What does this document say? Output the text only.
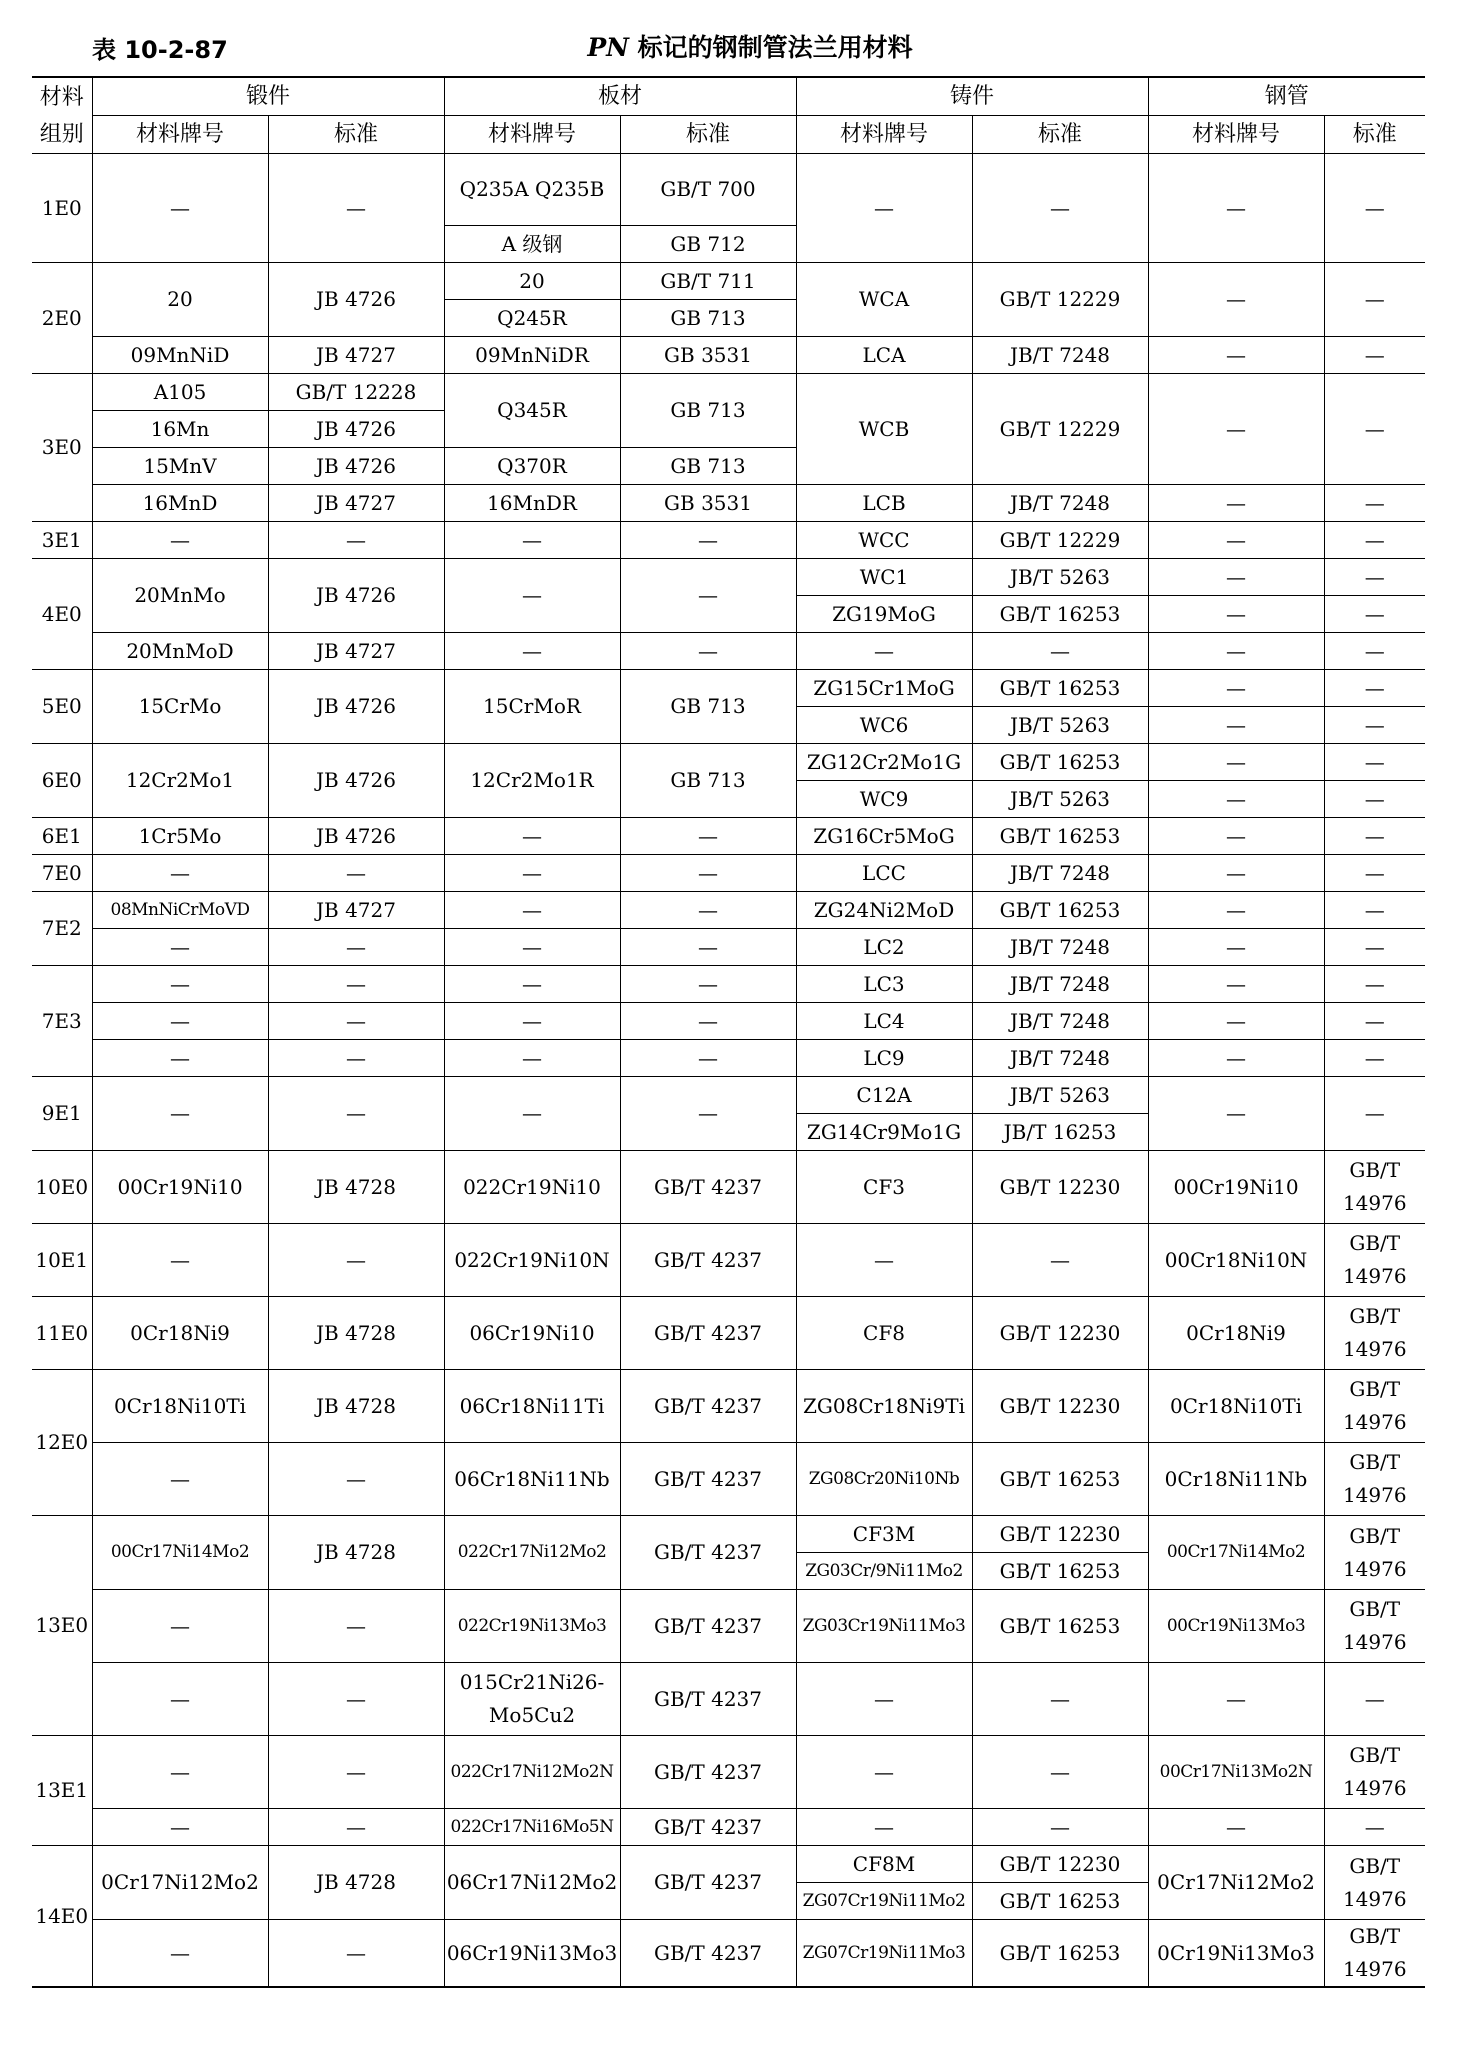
表 10-2-87	PN 标记的钢制管法兰用材料
材料组别	锻件		板材		铸件		钢管	
	材料牌号	标准	材料牌号	标准	材料牌号	标准	材料牌号	标准
1E0	—	—	Q235A Q235B	GB/T 700	—	—	—	—

			A 级钢	GB 712				
2E0	20	JB 4726	20	GB/T 711	WCA	GB/T 12229	—	—
			Q245R	GB 713				
	09MnNiD	JB 4727	09MnNiDR	GB 3531	LCA	JB/T 7248	—	—
3E0	A105	GB/T 12228	Q345R	GB 713	WCB	GB/T 12229	—	—
	16Mn	JB 4726						
	15MnV	JB 4726	Q370R	GB 713				
	16MnD	JB 4727	16MnDR	GB 3531	LCB	JB/T 7248	—	—
3E1	—	—	—	—	WCC	GB/T 12229	—	—
4E0	20MnMo	JB 4726	—	—	WC1	JB/T 5263	—	—
					ZG19MoG	GB/T 16253	—	—
	20MnMoD	JB 4727	—	—	—	—	—	—
5E0	15CrMo	JB 4726	15CrMoR	GB 713	ZG15Cr1MoG	GB/T 16253	—	—
					WC6	JB/T 5263	—	—
6E0	12Cr2Mo1	JB 4726	12Cr2Mo1R	GB 713	ZG12Cr2Mo1G	GB/T 16253	—	—
					WC9	JB/T 5263	—	—
6E1	1Cr5Mo	JB 4726	—	—	ZG16Cr5MoG	GB/T 16253	—	—
7E0	—	—	—	—	LCC	JB/T 7248	—	—
7E2	08MnNiCrMoVD	JB 4727	—	—	ZG24Ni2MoD	GB/T 16253	—	—
	—	—	—	—	LC2	JB/T 7248	—	—
7E3	—	—	—	—	LC3	JB/T 7248	—	—
	—	—	—	—	LC4	JB/T 7248	—	—
	—	—	—	—	LC9	JB/T 7248	—	—
9E1	—	—	—	—	C12A	JB/T 5263	—	—
					ZG14Cr9Mo1G	JB/T 16253		
10E0	00Cr19Ni10	JB 4728	022Cr19Ni10	GB/T 4237	CF3	GB/T 12230	00Cr19Ni10	GB/T 14976
10E1	—	—	022Cr19Ni10N	GB/T 4237	—	—	00Cr18Ni10N	GB/T 14976
11E0	0Cr18Ni9	JB 4728	06Cr19Ni10	GB/T 4237	CF8	GB/T 12230	0Cr18Ni9	GB/T 14976
12E0	0Cr18Ni10Ti	JB 4728	06Cr18Ni11Ti	GB/T 4237	ZG08Cr18Ni9Ti	GB/T 12230	0Cr18Ni10Ti	GB/T 14976
	—	—	06Cr18Ni11Nb	GB/T 4237	ZG08Cr20Ni10Nb	GB/T 16253	0Cr18Ni11Nb	GB/T 14976
13E0	00Cr17Ni14Mo2	JB 4728	022Cr17Ni12Mo2	GB/T 4237	CF3M	GB/T 12230	00Cr17Ni14Mo2	GB/T 14976
					ZG03Cr/9Ni11Mo2	GB/T 16253		
	—	—	022Cr19Ni13Mo3	GB/T 4237	ZG03Cr19Ni11Mo3	GB/T 16253	00Cr19Ni13Mo3	GB/T 14976
	—	—	015Cr21Ni26-Mo5Cu2	GB/T 4237	—	—	—	—
13E1	—	—	022Cr17Ni12Mo2N	GB/T 4237	—	—	00Cr17Ni13Mo2N	GB/T 14976
	—	—	022Cr17Ni16Mo5N	GB/T 4237	—	—	—	—
14E0	0Cr17Ni12Mo2	JB 4728	06Cr17Ni12Mo2	GB/T 4237	CF8M	GB/T 12230	0Cr17Ni12Mo2	GB/T 14976
					ZG07Cr19Ni11Mo2	GB/T 16253		
	—	—	06Cr19Ni13Mo3	GB/T 4237	ZG07Cr19Ni11Mo3	GB/T 16253	0Cr19Ni13Mo3	GB/T 14976
